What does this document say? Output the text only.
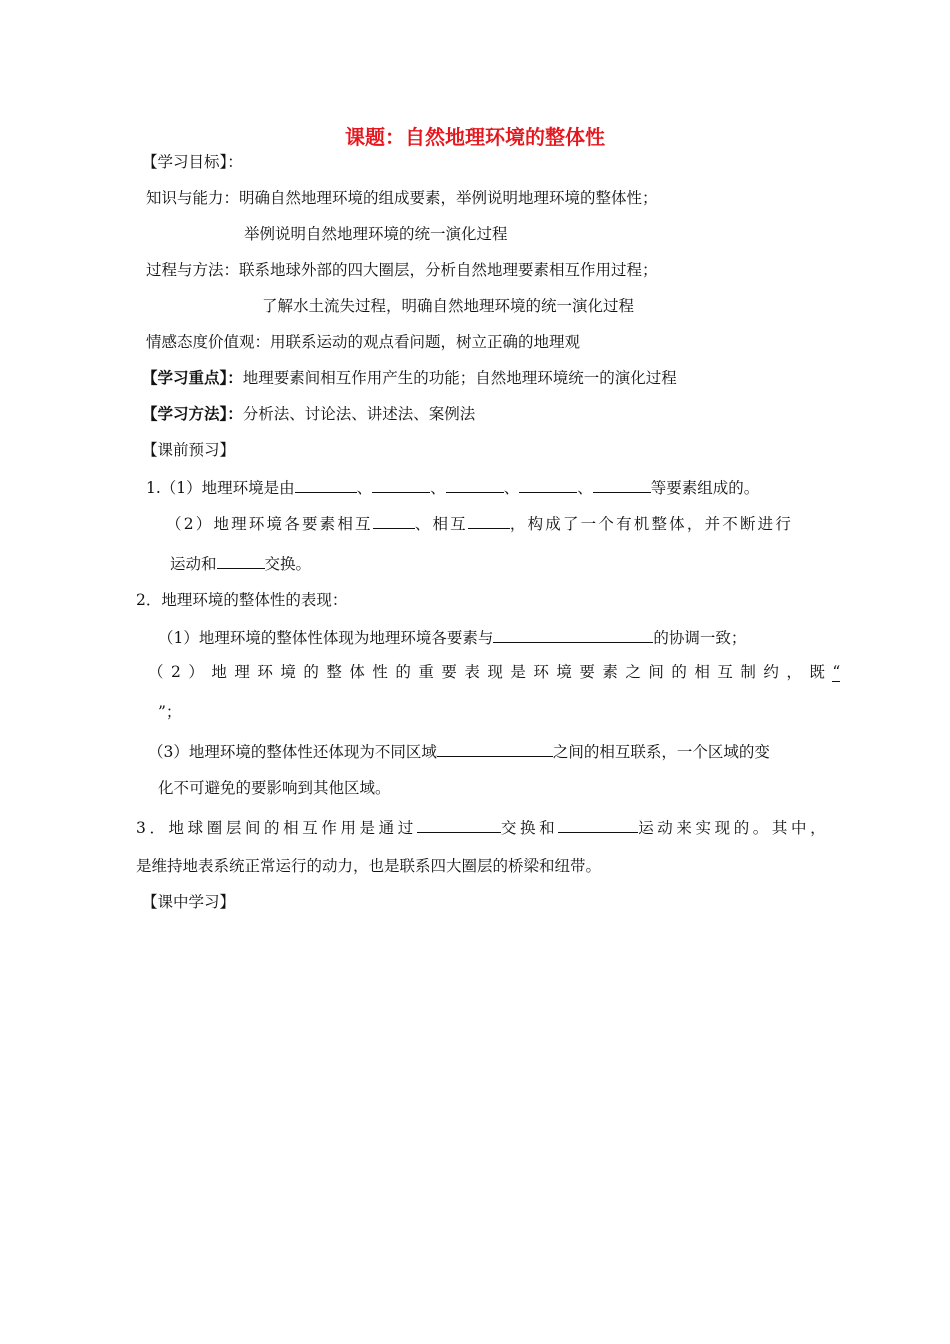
课题：自然地理环境的整体性
【学习目标】：
知识与能力：明确自然地理环境的组成要素，举例说明地理环境的整体性；
举例说明自然地理环境的统一演化过程
过程与方法：联系地球外部的四大圈层，分析自然地理要素相互作用过程；
了解水土流失过程，明确自然地理环境的统一演化过程
情感态度价值观：用联系运动的观点看问题，树立正确的地理观
【学习重点】：地理要素间相互作用产生的功能；自然地理环境统一的演化过程
【学习方法】：分析法、讨论法、讲述法、案例法
【课前预习】
1.（1）地理环境是由	、	、	、	、	等要素组成的。
（2）地理环境各要素相互	、相互	，构成了一个有机整体，并不断进行
运动和	交换。
2．地理环境的整体性的表现：
（1）地理环境的整体性体现为地理环境各要素与	的协调一致；
（2）地理环境的整体性的重要表现是环境要素之间的相互制约，既“
”；
（3）地理环境的整体性还体现为不同区域	之间的相互联系，一个区域的变
化不可避免的要影响到其他区域。
3．地球圈层间的相互作用是通过	交换和	运动来实现的。其中，
是维持地表系统正常运行的动力，也是联系四大圈层的桥梁和纽带。
【课中学习】
